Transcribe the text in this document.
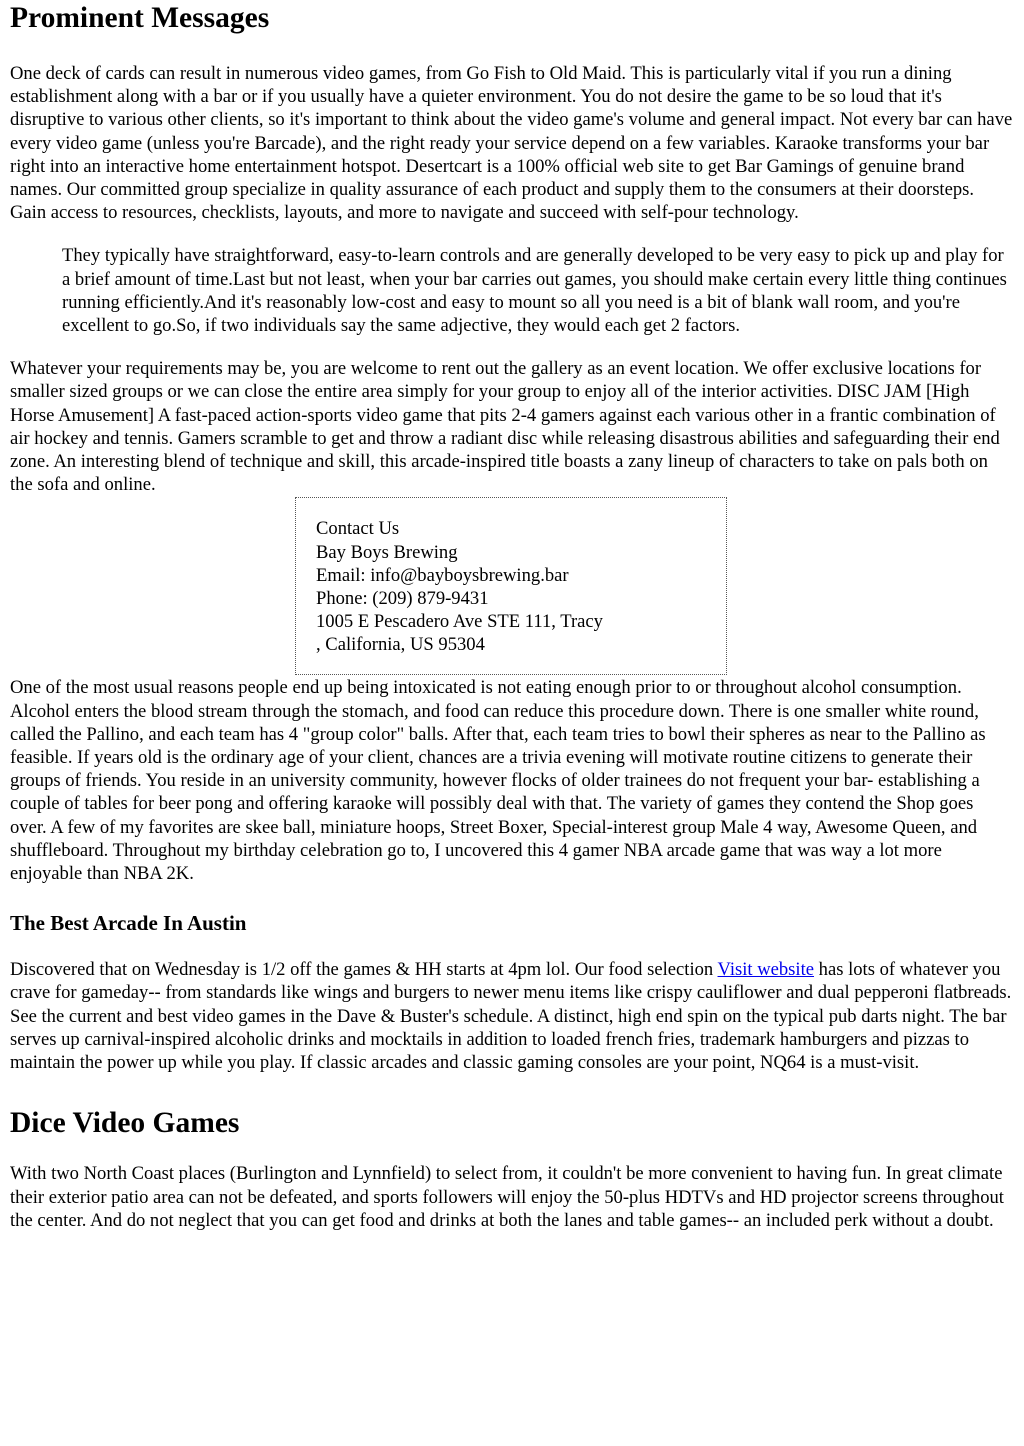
Prominent Messages

One deck of cards can result in numerous video games, from Go Fish to Old Maid. This is particularly vital if you run a dining establishment along with a bar or if you usually have a quieter environment. You do not desire the game to be so loud that it's disruptive to various other clients, so it's important to think about the video game's volume and general impact. Not every bar can have every video game (unless you're Barcade), and the right ready your service depend on a few variables. Karaoke transforms your bar right into an interactive home entertainment hotspot. Desertcart is a 100% official web site to get Bar Gamings of genuine brand names. Our committed group specialize in quality assurance of each product and supply them to the consumers at their doorsteps. Gain access to resources, checklists, layouts, and more to navigate and succeed with self-pour technology.

They typically have straightforward, easy-to-learn controls and are generally developed to be very easy to pick up and play for a brief amount of time.Last but not least, when your bar carries out games, you should make certain every little thing continues running efficiently.And it's reasonably low-cost and easy to mount so all you need is a bit of blank wall room, and you're excellent to go.So, if two individuals say the same adjective, they would each get 2 factors.

Whatever your requirements may be, you are welcome to rent out the gallery as an event location. We offer exclusive locations for smaller sized groups or we can close the entire area simply for your group to enjoy all of the interior activities. DISC JAM [High Horse Amusement] A fast-paced action-sports video game that pits 2-4 gamers against each various other in a frantic combination of air hockey and tennis. Gamers scramble to get and throw a radiant disc while releasing disastrous abilities and safeguarding their end zone. An interesting blend of technique and skill, this arcade-inspired title boasts a zany lineup of characters to take on pals both on the sofa and online.

Contact Us
Bay Boys Brewing
Email: info@bayboysbrewing.bar
Phone: (209) 879-9431
1005 E Pescadero Ave STE 111, Tracy
, California, US 95304

One of the most usual reasons people end up being intoxicated is not eating enough prior to or throughout alcohol consumption. Alcohol enters the blood stream through the stomach, and food can reduce this procedure down. There is one smaller white round, called the Pallino, and each team has 4 "group color" balls. After that, each team tries to bowl their spheres as near to the Pallino as feasible. If years old is the ordinary age of your client, chances are a trivia evening will motivate routine citizens to generate their groups of friends. You reside in an university community, however flocks of older trainees do not frequent your bar- establishing a couple of tables for beer pong and offering karaoke will possibly deal with that. The variety of games they contend the Shop goes over. A few of my favorites are skee ball, miniature hoops, Street Boxer, Special-interest group Male 4 way, Awesome Queen, and shuffleboard. Throughout my birthday celebration go to, I uncovered this 4 gamer NBA arcade game that was way a lot more enjoyable than NBA 2K.

The Best Arcade In Austin

Discovered that on Wednesday is 1/2 off the games & HH starts at 4pm lol. Our food selection Visit website has lots of whatever you crave for gameday-- from standards like wings and burgers to newer menu items like crispy cauliflower and dual pepperoni flatbreads. See the current and best video games in the Dave & Buster's schedule. A distinct, high end spin on the typical pub darts night. The bar serves up carnival-inspired alcoholic drinks and mocktails in addition to loaded french fries, trademark hamburgers and pizzas to maintain the power up while you play. If classic arcades and classic gaming consoles are your point, NQ64 is a must-visit.

Dice Video Games

With two North Coast places (Burlington and Lynnfield) to select from, it couldn't be more convenient to having fun. In great climate their exterior patio area can not be defeated, and sports followers will enjoy the 50-plus HDTVs and HD projector screens throughout the center. And do not neglect that you can get food and drinks at both the lanes and table games-- an included perk without a doubt.
